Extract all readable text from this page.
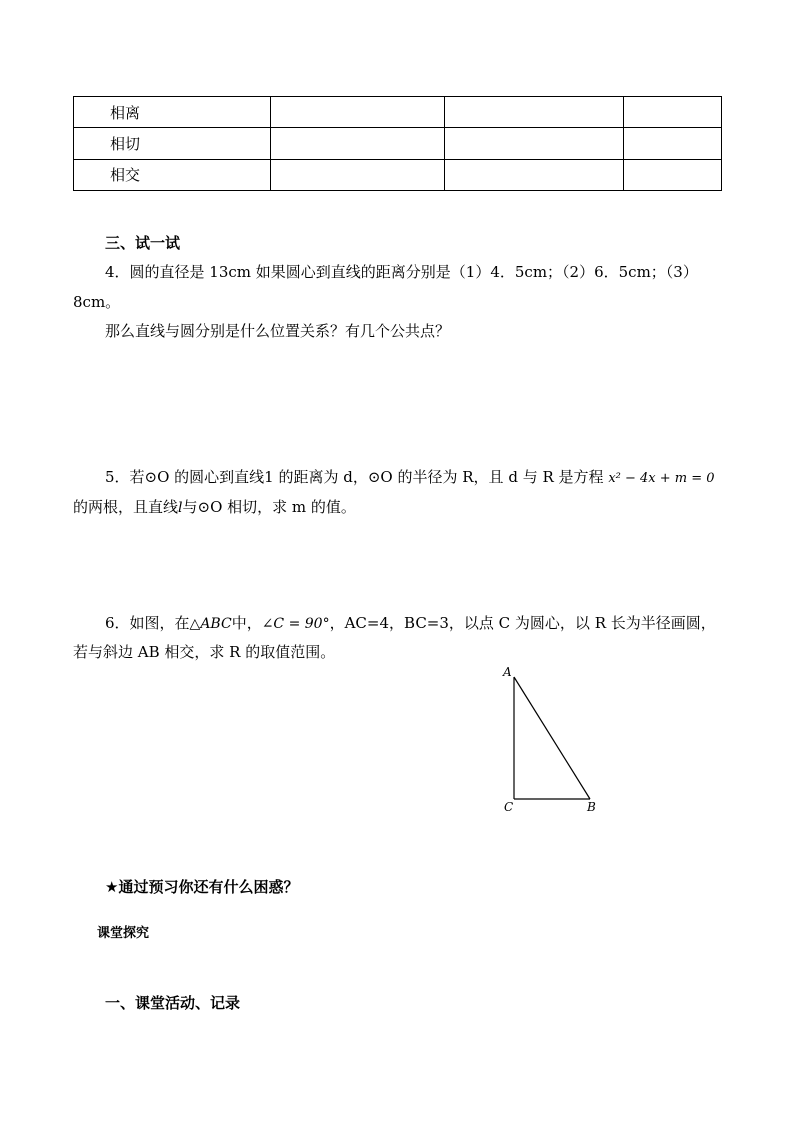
相离			
相切			
相交			
三、试一试
4．圆的直径是 13cm 如果圆心到直线的距离分别是（1）4．5cm；（2）6．5cm；（3）
8cm。
那么直线与圆分别是什么位置关系？有几个公共点？
5．若⊙O 的圆心到直线1 的距离为 d，⊙O 的半径为 R，且 d 与 R 是方程 x² − 4x + m = 0
的两根，且直线l与⊙O 相切，求 m 的值。
6．如图，在△ABC中，∠C = 90°，AC=4，BC=3，以点 C 为圆心，以 R 长为半径画圆，
若与斜边 AB 相交，求 R 的取值范围。
A
C	B
★通过预习你还有什么困惑？
课堂探究
一、课堂活动、记录
